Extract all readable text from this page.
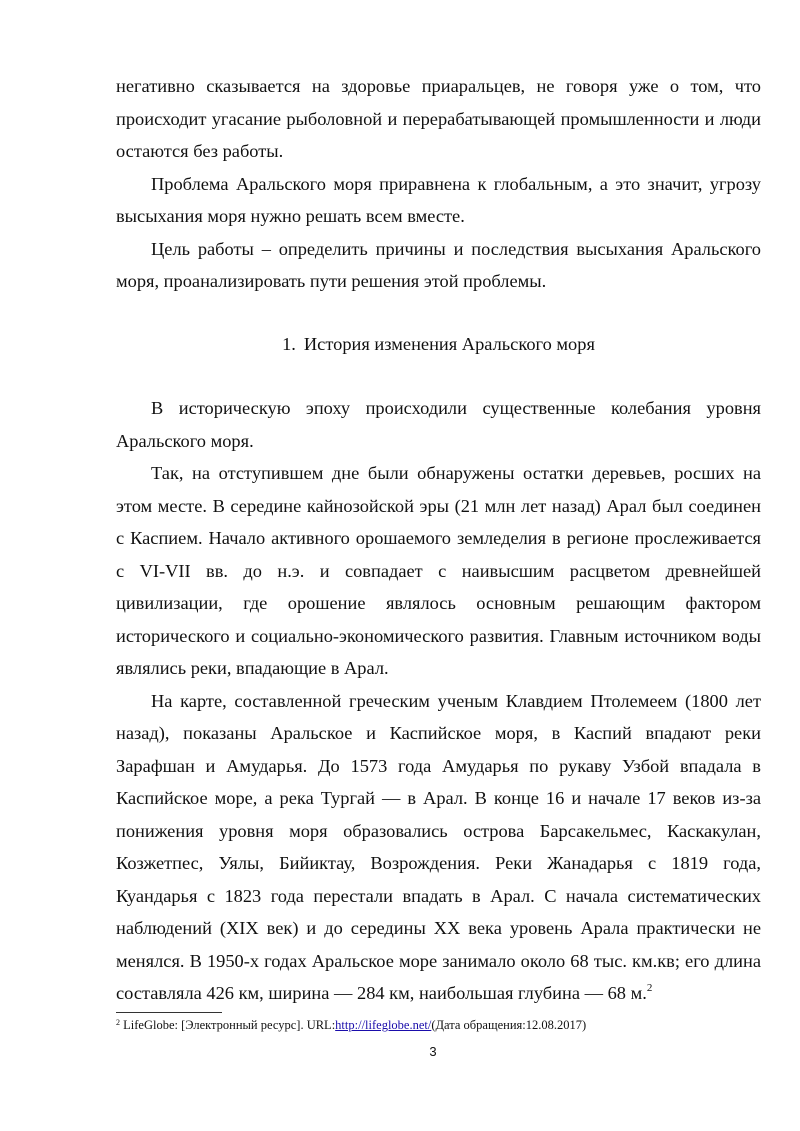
негативно сказывается на здоровье приаральцев, не говоря уже о том, что происходит угасание рыболовной и перерабатывающей промышленности и люди остаются без работы.

Проблема Аральского моря приравнена к глобальным, а это значит, угрозу высыхания моря нужно решать всем вместе.

Цель работы – определить причины и последствия высыхания Аральского моря, проанализировать пути решения этой проблемы.

1. История изменения Аральского моря

В историческую эпоху происходили существенные колебания уровня Аральского моря.

Так, на отступившем дне были обнаружены остатки деревьев, росших на этом месте. В середине кайнозойской эры (21 млн лет назад) Арал был соединен с Каспием. Начало активного орошаемого земледелия в регионе прослеживается с VI-VII вв. до н.э. и совпадает с наивысшим расцветом древнейшей цивилизации, где орошение являлось основным решающим фактором исторического и социально-экономического развития. Главным источником воды являлись реки, впадающие в Арал.

На карте, составленной греческим ученым Клавдием Птолемеем (1800 лет назад), показаны Аральское и Каспийское моря, в Каспий впадают реки Зарафшан и Амударья. До 1573 года Амударья по рукаву Узбой впадала в Каспийское море, а река Тургай — в Арал. В конце 16 и начале 17 веков из-за понижения уровня моря образовались острова Барсакельмес, Каскакулан, Козжетпес, Уялы, Бийиктау, Возрождения. Реки Жанадарья с 1819 года, Куандарья с 1823 года перестали впадать в Арал. С начала систематических наблюдений (XIX век) и до середины XX века уровень Арала практически не менялся. В 1950-х годах Аральское море занимало около 68 тыс. км.кв; его длина составляла 426 км, ширина — 284 км, наибольшая глубина — 68 м.$^2$

$^2$ LifeGlobe: [Электронный ресурс]. URL:http://lifeglobe.net/(Дата обращения:12.08.2017)

3
